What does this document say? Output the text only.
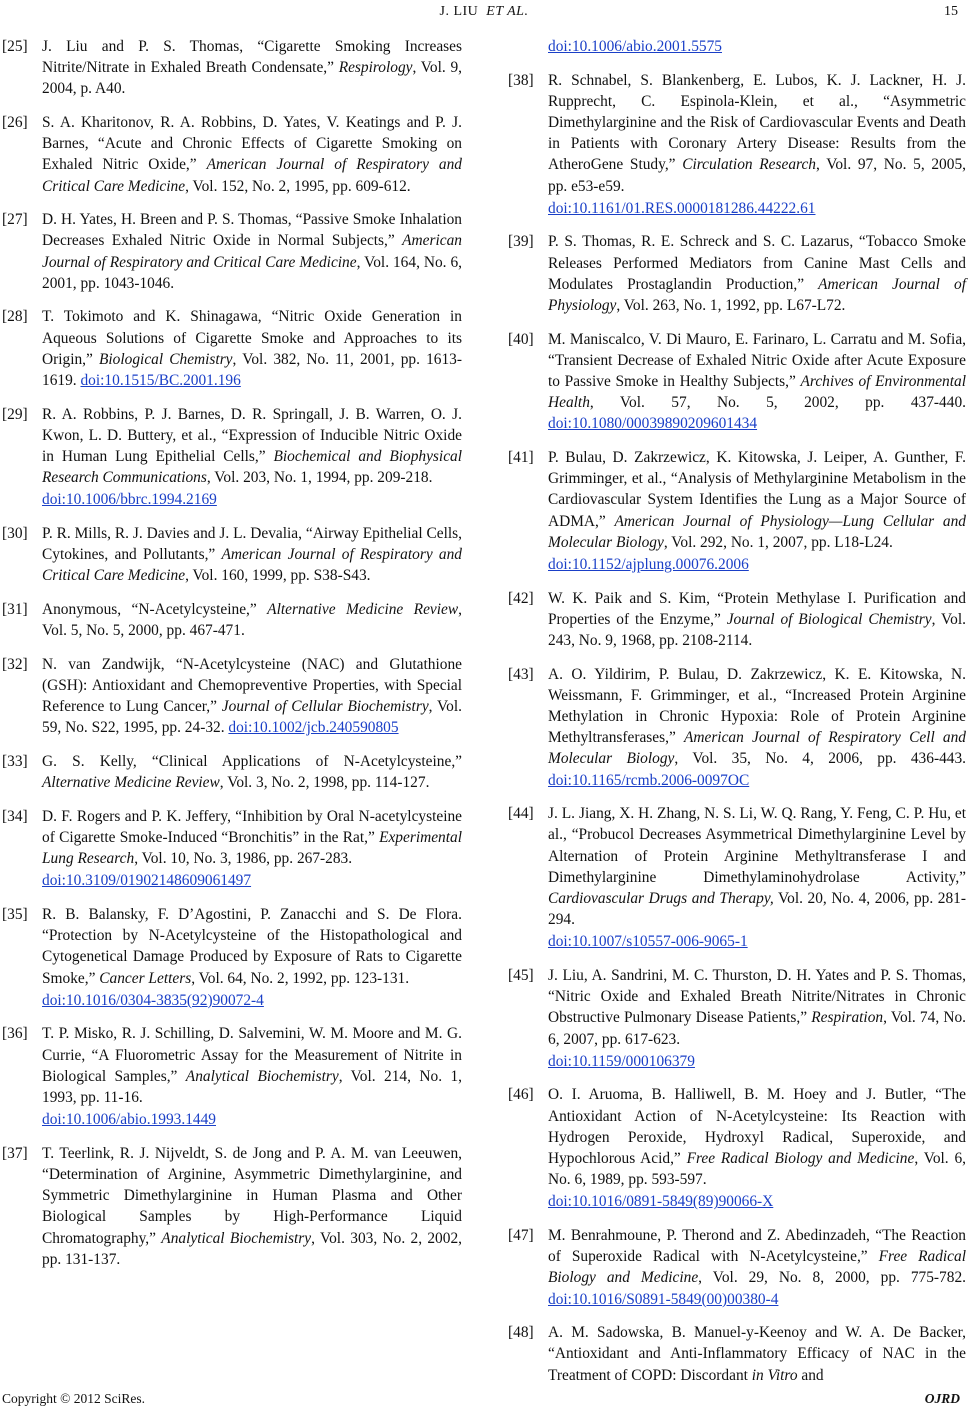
J. LIU ET AL.	15
[25] J. Liu and P. S. Thomas, “Cigarette Smoking Increases Nitrite/Nitrate in Exhaled Breath Condensate,” Respirology, Vol. 9, 2004, p. A40.
[26] S. A. Kharitonov, R. A. Robbins, D. Yates, V. Keatings and P. J. Barnes, “Acute and Chronic Effects of Cigarette Smoking on Exhaled Nitric Oxide,” American Journal of Respiratory and Critical Care Medicine, Vol. 152, No. 2, 1995, pp. 609-612.
[27] D. H. Yates, H. Breen and P. S. Thomas, “Passive Smoke Inhalation Decreases Exhaled Nitric Oxide in Normal Subjects,” American Journal of Respiratory and Critical Care Medicine, Vol. 164, No. 6, 2001, pp. 1043-1046.
[28] T. Tokimoto and K. Shinagawa, “Nitric Oxide Generation in Aqueous Solutions of Cigarette Smoke and Approaches to its Origin,” Biological Chemistry, Vol. 382, No. 11, 2001, pp. 1613-1619. doi:10.1515/BC.2001.196
[29] R. A. Robbins, P. J. Barnes, D. R. Springall, J. B. Warren, O. J. Kwon, L. D. Buttery, et al., “Expression of Inducible Nitric Oxide in Human Lung Epithelial Cells,” Biochemical and Biophysical Research Communications, Vol. 203, No. 1, 1994, pp. 209-218.
doi:10.1006/bbrc.1994.2169
[30] P. R. Mills, R. J. Davies and J. L. Devalia, “Airway Epithelial Cells, Cytokines, and Pollutants,” American Journal of Respiratory and Critical Care Medicine, Vol. 160, 1999, pp. S38-S43.
[31] Anonymous, “N-Acetylcysteine,” Alternative Medicine Review, Vol. 5, No. 5, 2000, pp. 467-471.
[32] N. van Zandwijk, “N-Acetylcysteine (NAC) and Glutathione (GSH): Antioxidant and Chemopreventive Properties, with Special Reference to Lung Cancer,” Journal of Cellular Biochemistry, Vol. 59, No. S22, 1995, pp. 24-32. doi:10.1002/jcb.240590805
[33] G. S. Kelly, “Clinical Applications of N-Acetylcysteine,” Alternative Medicine Review, Vol. 3, No. 2, 1998, pp. 114-127.
[34] D. F. Rogers and P. K. Jeffery, “Inhibition by Oral N-acetylcysteine of Cigarette Smoke-Induced “Bronchitis” in the Rat,” Experimental Lung Research, Vol. 10, No. 3, 1986, pp. 267-283.
doi:10.3109/01902148609061497
[35] R. B. Balansky, F. D’Agostini, P. Zanacchi and S. De Flora. “Protection by N-Acetylcysteine of the Histopathological and Cytogenetical Damage Produced by Exposure of Rats to Cigarette Smoke,” Cancer Letters, Vol. 64, No. 2, 1992, pp. 123-131.
doi:10.1016/0304-3835(92)90072-4
[36] T. P. Misko, R. J. Schilling, D. Salvemini, W. M. Moore and M. G. Currie, “A Fluorometric Assay for the Measurement of Nitrite in Biological Samples,” Analytical Biochemistry, Vol. 214, No. 1, 1993, pp. 11-16.
doi:10.1006/abio.1993.1449
[37] T. Teerlink, R. J. Nijveldt, S. de Jong and P. A. M. van Leeuwen, “Determination of Arginine, Asymmetric Dimethylarginine, and Symmetric Dimethylarginine in Human Plasma and Other Biological Samples by High-Performance Liquid Chromatography,” Analytical Biochemistry, Vol. 303, No. 2, 2002, pp. 131-137.
doi:10.1006/abio.2001.5575
[38] R. Schnabel, S. Blankenberg, E. Lubos, K. J. Lackner, H. J. Rupprecht, C. Espinola-Klein, et al., “Asymmetric Dimethylarginine and the Risk of Cardiovascular Events and Death in Patients with Coronary Artery Disease: Results from the AtheroGene Study,” Circulation Research, Vol. 97, No. 5, 2005, pp. e53-e59.
doi:10.1161/01.RES.0000181286.44222.61
[39] P. S. Thomas, R. E. Schreck and S. C. Lazarus, “Tobacco Smoke Releases Performed Mediators from Canine Mast Cells and Modulates Prostaglandin Production,” American Journal of Physiology, Vol. 263, No. 1, 1992, pp. L67-L72.
[40] M. Maniscalco, V. Di Mauro, E. Farinaro, L. Carratu and M. Sofia, “Transient Decrease of Exhaled Nitric Oxide after Acute Exposure to Passive Smoke in Healthy Subjects,” Archives of Environmental Health, Vol. 57, No. 5, 2002, pp. 437-440. doi:10.1080/00039890209601434
[41] P. Bulau, D. Zakrzewicz, K. Kitowska, J. Leiper, A. Gunther, F. Grimminger, et al., “Analysis of Methylarginine Metabolism in the Cardiovascular System Identifies the Lung as a Major Source of ADMA,” American Journal of Physiology—Lung Cellular and Molecular Biology, Vol. 292, No. 1, 2007, pp. L18-L24.
doi:10.1152/ajplung.00076.2006
[42] W. K. Paik and S. Kim, “Protein Methylase I. Purification and Properties of the Enzyme,” Journal of Biological Chemistry, Vol. 243, No. 9, 1968, pp. 2108-2114.
[43] A. O. Yildirim, P. Bulau, D. Zakrzewicz, K. E. Kitowska, N. Weissmann, F. Grimminger, et al., “Increased Protein Arginine Methylation in Chronic Hypoxia: Role of Protein Arginine Methyltransferases,” American Journal of Respiratory Cell and Molecular Biology, Vol. 35, No. 4, 2006, pp. 436-443. doi:10.1165/rcmb.2006-0097OC
[44] J. L. Jiang, X. H. Zhang, N. S. Li, W. Q. Rang, Y. Feng, C. P. Hu, et al., “Probucol Decreases Asymmetrical Dimethylarginine Level by Alternation of Protein Arginine Methyltransferase I and Dimethylarginine Dimethylaminohydrolase Activity,” Cardiovascular Drugs and Therapy, Vol. 20, No. 4, 2006, pp. 281-294.
doi:10.1007/s10557-006-9065-1
[45] J. Liu, A. Sandrini, M. C. Thurston, D. H. Yates and P. S. Thomas, “Nitric Oxide and Exhaled Breath Nitrite/Nitrates in Chronic Obstructive Pulmonary Disease Patients,” Respiration, Vol. 74, No. 6, 2007, pp. 617-623.
doi:10.1159/000106379
[46] O. I. Aruoma, B. Halliwell, B. M. Hoey and J. Butler, “The Antioxidant Action of N-Acetylcysteine: Its Reaction with Hydrogen Peroxide, Hydroxyl Radical, Superoxide, and Hypochlorous Acid,” Free Radical Biology and Medicine, Vol. 6, No. 6, 1989, pp. 593-597.
doi:10.1016/0891-5849(89)90066-X
[47] M. Benrahmoune, P. Therond and Z. Abedinzadeh, “The Reaction of Superoxide Radical with N-Acetylcysteine,” Free Radical Biology and Medicine, Vol. 29, No. 8, 2000, pp. 775-782. doi:10.1016/S0891-5849(00)00380-4
[48] A. M. Sadowska, B. Manuel-y-Keenoy and W. A. De Backer, “Antioxidant and Anti-Inflammatory Efficacy of NAC in the Treatment of COPD: Discordant in Vitro and
Copyright © 2012 SciRes.	OJRD
